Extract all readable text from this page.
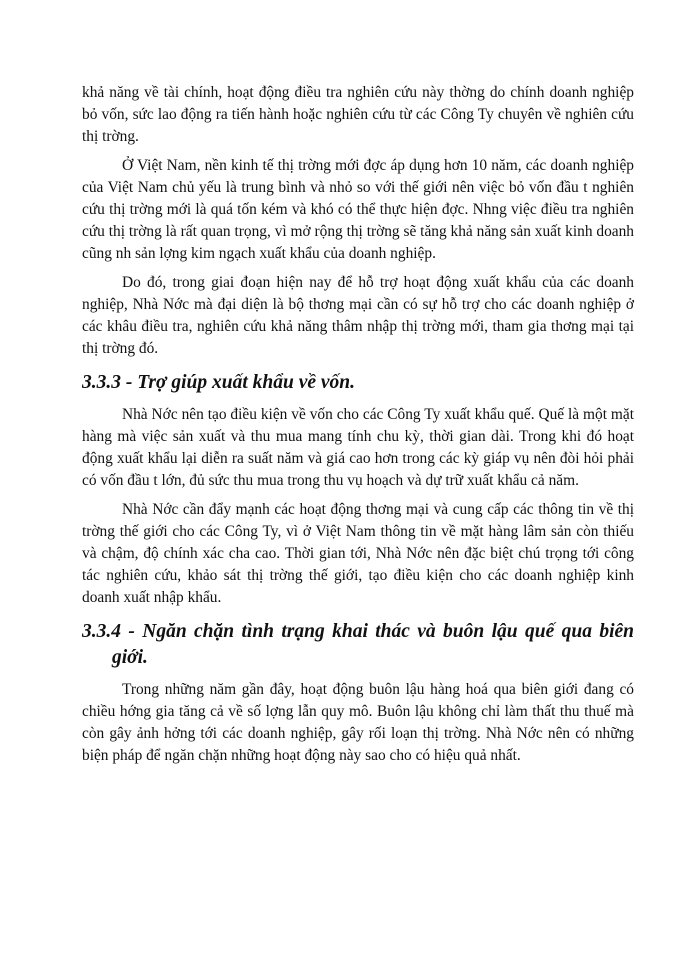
khả năng về tài chính, hoạt động điều tra nghiên cứu này thờng do chính doanh nghiệp bỏ vốn, sức lao động ra tiến hành hoặc nghiên cứu từ các Công Ty chuyên về nghiên cứu thị trờng.

Ở Việt Nam, nền kinh tế thị trờng mới đợc áp dụng hơn 10 năm, các doanh nghiệp của Việt Nam chủ yếu là trung bình và nhỏ so với thế giới nên việc bỏ vốn đầu t nghiên cứu thị trờng mới là quá tốn kém và khó có thể thực hiện đợc. Nhng việc điều tra nghiên cứu thị trờng là rất quan trọng, vì mở rộng thị trờng sẽ tăng khả năng sản xuất kinh doanh cũng nh sản lợng kim ngạch xuất khẩu của doanh nghiệp.

Do đó, trong giai đoạn hiện nay để hỗ trợ hoạt động xuất khẩu của các doanh nghiệp, Nhà Nớc mà đại diện là bộ thơng mại cần có sự hỗ trợ cho các doanh nghiệp ở các khâu điều tra, nghiên cứu khả năng thâm nhập thị trờng mới, tham gia thơng mại tại thị trờng đó.

3.3.3 - Trợ giúp xuất khẩu về vốn.

Nhà Nớc nên tạo điều kiện về vốn cho các Công Ty xuất khẩu quế. Quế là một mặt hàng mà việc sản xuất và thu mua mang tính chu kỳ, thời gian dài. Trong khi đó hoạt động xuất khẩu lại diễn ra suất năm và giá cao hơn trong các kỳ giáp vụ nên đòi hỏi phải có vốn đầu t lớn, đủ sức thu mua trong thu vụ hoạch và dự trữ xuất khẩu cả năm.

Nhà Nớc cần đẩy mạnh các hoạt động thơng mại và cung cấp các thông tin về thị trờng thế giới cho các Công Ty, vì ở Việt Nam thông tin về mặt hàng lâm sản còn thiếu và chậm, độ chính xác cha cao. Thời gian tới, Nhà Nớc nên đặc biệt chú trọng tới công tác nghiên cứu, khảo sát thị trờng thế giới, tạo điều kiện cho các doanh nghiệp kinh doanh xuất nhập khẩu.

3.3.4 - Ngăn chặn tình trạng khai thác và buôn lậu quế qua biên giới.

Trong những năm gần đây, hoạt động buôn lậu hàng hoá qua biên giới đang có chiều hớng gia tăng cả về số lợng lẫn quy mô. Buôn lậu không chỉ làm thất thu thuế mà còn gây ảnh hởng tới các doanh nghiệp, gây rối loạn thị trờng. Nhà Nớc nên có những biện pháp để ngăn chặn những hoạt động này sao cho có hiệu quả nhất.
